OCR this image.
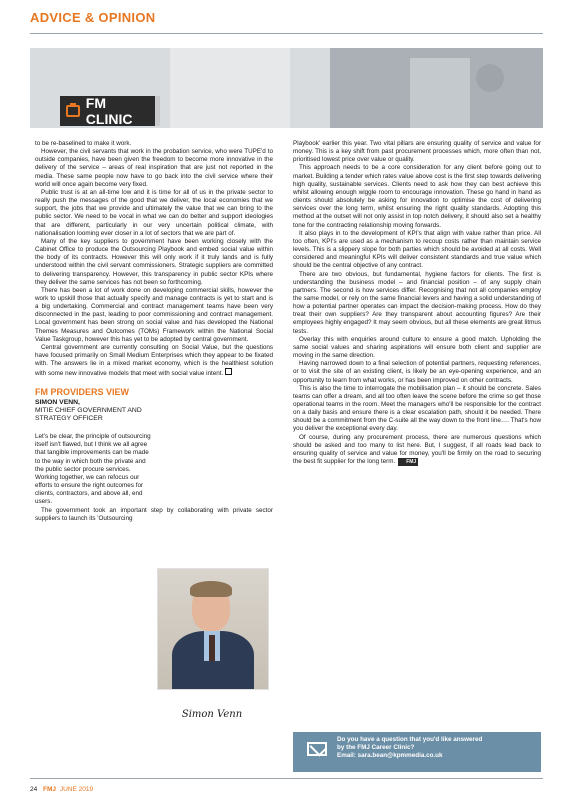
ADVICE & OPINION
FM CLINIC

to be re-baselined to make it work.

However, the civil servants that work in the probation service, who were TUPE'd to outside companies, have been given the freedom to become more innovative in the delivery of the service – areas of real inspiration that are just not reported in the media. These same people now have to go back into the civil service where their world will once again become very fixed.

Public trust is at an all-time low and it is time for all of us in the private sector to really push the messages of the good that we deliver, the local economies that we support, the jobs that we provide and ultimately the value that we can bring to the public sector. We need to be vocal in what we can do better and support ideologies that are different, particularly in our very uncertain political climate, with nationalisation looming ever closer in a lot of sectors that we are part of.

Many of the key suppliers to government have been working closely with the Cabinet Office to produce the Outsourcing Playbook and embed social value within the body of its contracts. However this will only work if it truly lands and is fully understood within the civil servant commissioners. Strategic suppliers are committed to delivering transparency. However, this transparency in public sector KPIs where they deliver the same services has not been so forthcoming.

There has been a lot of work done on developing commercial skills, however the work to upskill those that actually specify and manage contracts is yet to start and is a big undertaking. Commercial and contract management teams have been very disconnected in the past, leading to poor commissioning and contract management. Local government has been strong on social value and has developed the National Themes Measures and Outcomes (TOMs) Framework within the National Social Value Taskgroup, however this has yet to be adopted by central government.

Central government are currently consulting on Social Value, but the questions have focused primarily on Small Medium Enterprises which they appear to be fixated with. The answers lie in a mixed market economy, which is the healthiest solution with some new innovative models that meet with social value intent.

FM PROVIDERS VIEW
SIMON VENN,
MITIE CHIEF GOVERNMENT AND STRATEGY OFFICER

Let's be clear, the principle of outsourcing itself isn't flawed, but I think we all agree that tangible improvements can be made to the way in which both the private and the public sector procure services. Working together, we can refocus our efforts to ensure the right outcomes for clients, contractors, and above all, end users.

The government took an important step by collaborating with private sector suppliers to launch its 'Outsourcing

Simon Venn

Playbook' earlier this year. Two vital pillars are ensuring quality of service and value for money. This is a key shift from past procurement processes which, more often than not, prioritised lowest price over value or quality.

This approach needs to be a core consideration for any client before going out to market. Building a tender which rates value above cost is the first step towards delivering high quality, sustainable services. Clients need to ask how they can best achieve this whilst allowing enough wiggle room to encourage innovation. These go hand in hand as clients should absolutely be asking for innovation to optimise the cost of delivering services over the long term, whilst ensuring the right quality standards. Adopting this method at the outset will not only assist in top notch delivery, it should also set a healthy tone for the contracting relationship moving forwards.

It also plays in to the development of KPI's that align with value rather than price. All too often, KPI's are used as a mechanism to recoup costs rather than maintain service levels. This is a slippery slope for both parties which should be avoided at all costs. Well considered and meaningful KPIs will deliver consistent standards and true value which should be the central objective of any contract.

There are two obvious, but fundamental, hygiene factors for clients. The first is understanding the business model – and financial position – of any supply chain partners. The second is how services differ. Recognising that not all companies employ the same model, or rely on the same financial levers and having a solid understanding of how a potential partner operates can impact the decision-making process. How do they treat their own suppliers? Are they transparent about accounting figures? Are their employees highly engaged? It may seem obvious, but all these elements are great litmus tests.

Overlay this with enquiries around culture to ensure a good match. Upholding the same social values and sharing aspirations will ensure both client and supplier are moving in the same direction.

Having narrowed down to a final selection of potential partners, requesting references, or to visit the site of an existing client, is likely be an eye-opening experience, and an opportunity to learn from what works, or has been improved on other contracts.

This is also the time to interrogate the mobilisation plan – it should be concrete. Sales teams can offer a dream, and all too often leave the scene before the crime so get those operational teams in the room. Meet the managers who'll be responsible for the contract on a daily basis and ensure there is a clear escalation path, should it be needed. There should be a commitment from the C-suite all the way down to the front line…. That's how you deliver the exceptional every day.

Of course, during any procurement process, there are numerous questions which should be asked and too many to list here. But, I suggest, if all roads lead back to ensuring quality of service and value for money, you'll be firmly on the road to securing the best fit supplier for the long term. FMJ

Do you have a question that you'd like answered
by the FMJ Career Clinic?
Email: sara.bean@kpmmedia.co.uk
24 FMJ JUNE 2019
